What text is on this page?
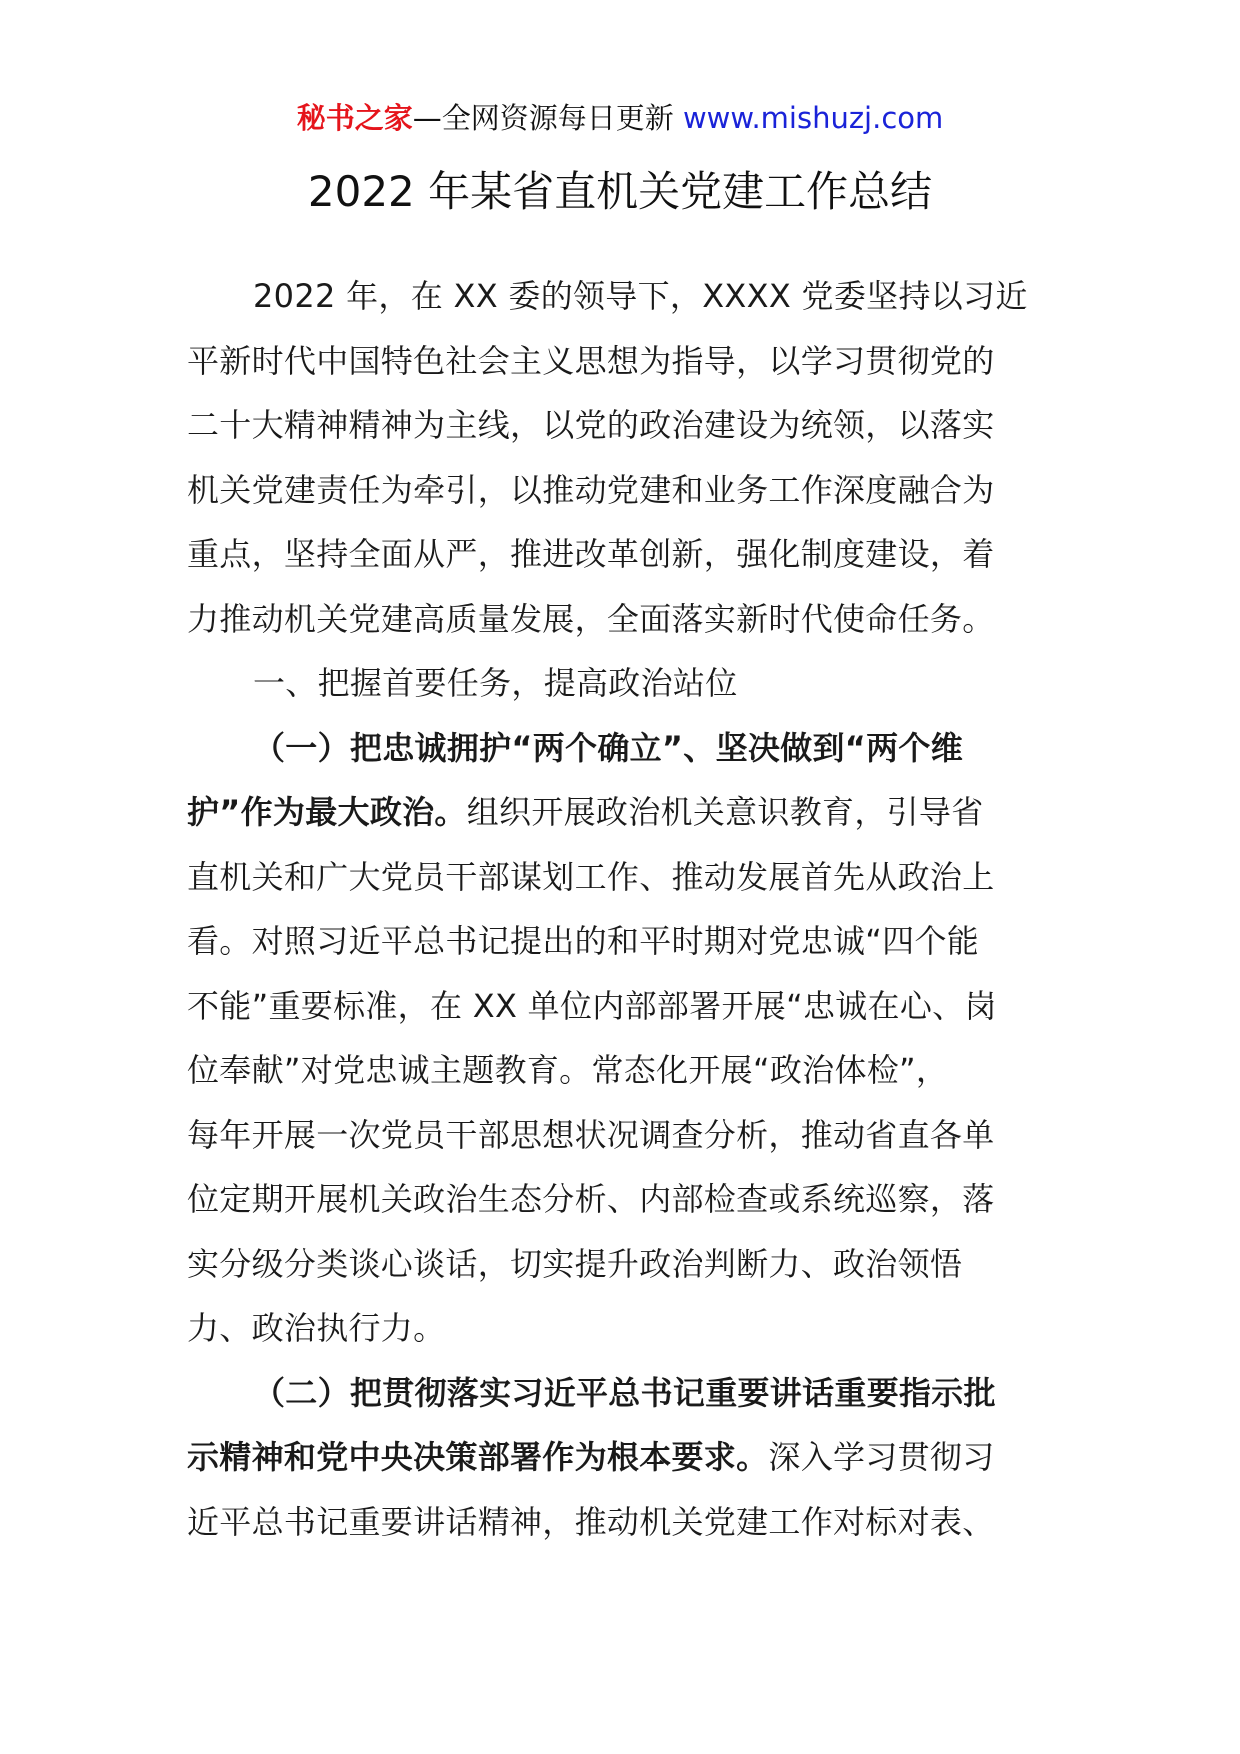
秘书之家—全网资源每日更新 www.mishuzj.com
2022 年某省直机关党建工作总结
2022 年，在 XX 委的领导下，XXXX 党委坚持以习近
平新时代中国特色社会主义思想为指导，以学习贯彻党的
二十大精神精神为主线，以党的政治建设为统领，以落实
机关党建责任为牵引，以推动党建和业务工作深度融合为
重点，坚持全面从严，推进改革创新，强化制度建设，着
力推动机关党建高质量发展，全面落实新时代使命任务。
一、把握首要任务，提高政治站位
（一）把忠诚拥护“两个确立”、坚决做到“两个维
护”作为最大政治。组织开展政治机关意识教育，引导省
直机关和广大党员干部谋划工作、推动发展首先从政治上
看。对照习近平总书记提出的和平时期对党忠诚“四个能
不能”重要标准，在 XX 单位内部部署开展“忠诚在心、岗
位奉献”对党忠诚主题教育。常态化开展“政治体检”，
每年开展一次党员干部思想状况调查分析，推动省直各单
位定期开展机关政治生态分析、内部检查或系统巡察，落
实分级分类谈心谈话，切实提升政治判断力、政治领悟
力、政治执行力。
（二）把贯彻落实习近平总书记重要讲话重要指示批
示精神和党中央决策部署作为根本要求。深入学习贯彻习
近平总书记重要讲话精神，推动机关党建工作对标对表、
